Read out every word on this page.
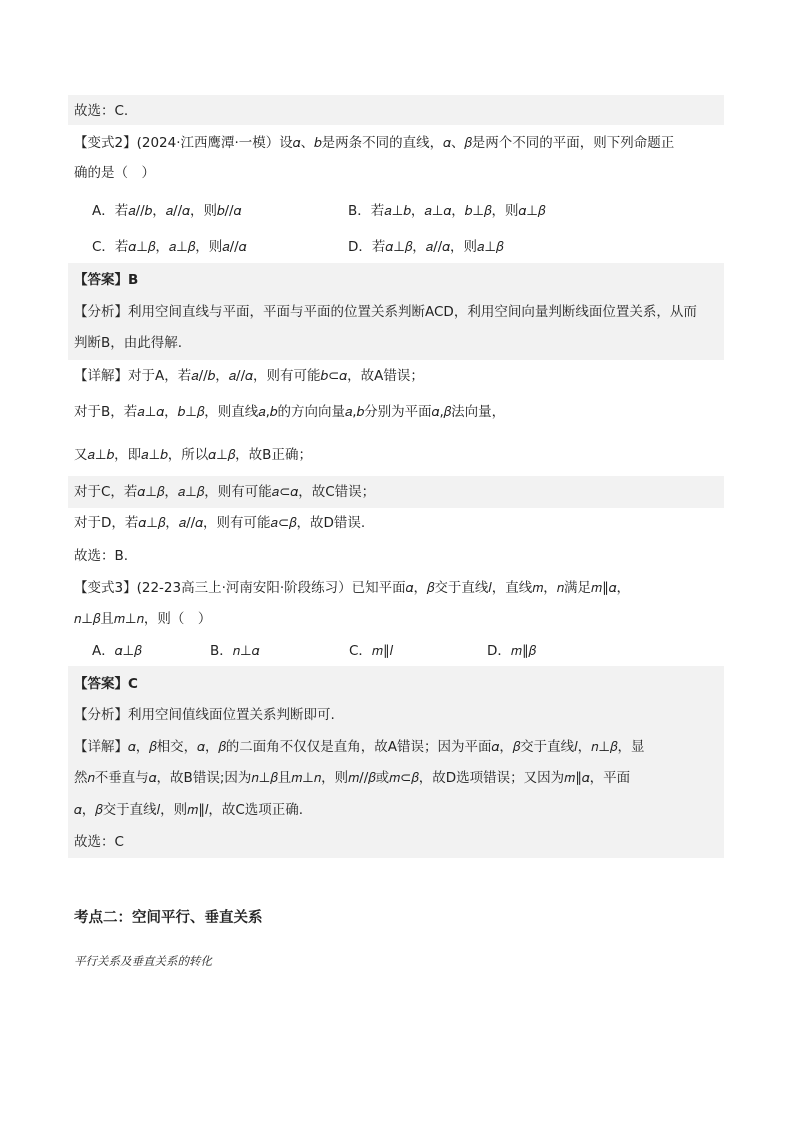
故选：C.
【变式2】(2024·江西鹰潭·一模）设𝛼、𝑏是两条不同的直线，𝛼、𝛽是两个不同的平面，则下列命题正
确的是（　）
A．若𝑎//𝑏，𝑎//𝛼，则𝑏//𝛼	B．若𝑎⊥𝑏，𝑎⊥𝛼，𝑏⊥𝛽，则𝛼⊥𝛽
C．若𝛼⊥𝛽，𝑎⊥𝛽，则𝑎//𝛼	D．若𝛼⊥𝛽，𝑎//𝛼，则𝑎⊥𝛽
【答案】B
【分析】利用空间直线与平面，平面与平面的位置关系判断ACD，利用空间向量判断线面位置关系，从而
判断B，由此得解.
【详解】对于A，若𝑎//𝑏，𝑎//𝛼，则有可能𝑏⊂𝛼，故A错误；
对于B，若𝑎⊥𝛼，𝑏⊥𝛽，则直线𝑎,𝑏的方向向量𝑎,𝑏分别为平面𝛼,𝛽法向量，
又𝑎⊥𝑏，即𝑎⊥𝑏，所以𝛼⊥𝛽，故B正确；
对于C，若𝛼⊥𝛽，𝑎⊥𝛽，则有可能𝑎⊂𝛼，故C错误；
对于D，若𝛼⊥𝛽，𝑎//𝛼，则有可能𝑎⊂𝛽，故D错误.
故选：B.
【变式3】(22-23高三上·河南安阳·阶段练习）已知平面𝛼，𝛽交于直线𝑙，直线𝑚，𝑛满足𝑚∥𝛼，
𝑛⊥𝛽且𝑚⊥𝑛，则（　）
A．𝛼⊥𝛽	B．𝑛⊥𝛼	C．𝑚∥𝑙	D．𝑚∥𝛽
【答案】C
【分析】利用空间值线面位置关系判断即可.
【详解】𝛼，𝛽相交，𝛼，𝛽的二面角不仅仅是直角，故A错误；因为平面𝛼，𝛽交于直线𝑙，𝑛⊥𝛽，显
然𝑛不垂直与𝛼，故B错误;因为𝑛⊥𝛽且𝑚⊥𝑛，则𝑚//𝛽或𝑚⊂𝛽，故D选项错误；又因为𝑚∥𝛼，平面
𝛼，𝛽交于直线𝑙，则𝑚∥𝑙，故C选项正确.
故选：C
考点二：空间平行、垂直关系
平行关系及垂直关系的转化
